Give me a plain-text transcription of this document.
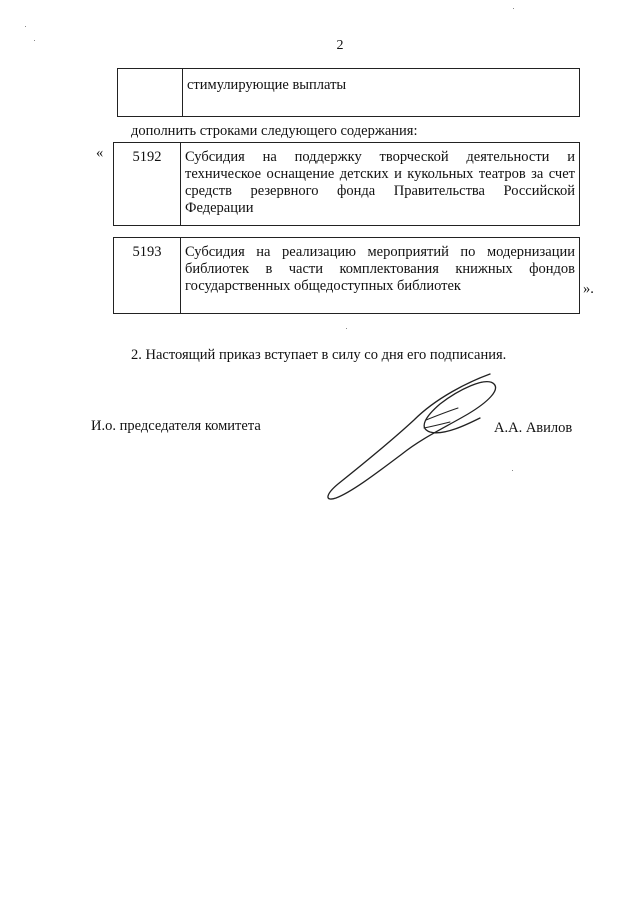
2
	стимулирующие выплаты
дополнить строками следующего содержания:
« 5192	Субсидия на поддержку творческой деятельности и техническое оснащение детских и кукольных театров за счет средств резервного фонда Правительства Российской Федерации
5193	Субсидия на реализацию мероприятий по модернизации библиотек в части комплектования книжных фондов государственных общедоступных библиотек	».
2. Настоящий приказ вступает в силу со дня его подписания.
И.о. председателя комитета	А.А. Авилов
